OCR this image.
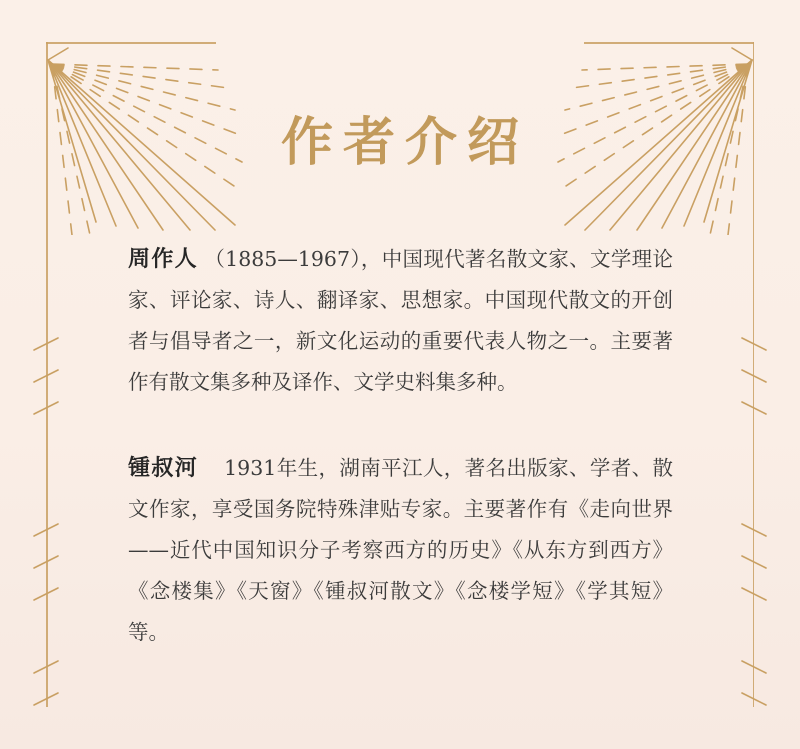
作者介绍

周作人 （1885—1967），中国现代著名散文家、文学理论家、评论家、诗人、翻译家、思想家。中国现代散文的开创者与倡导者之一，新文化运动的重要代表人物之一。主要著作有散文集多种及译作、文学史料集多种。

锺叔河 1931年生，湖南平江人，著名出版家、学者、散文作家，享受国务院特殊津贴专家。主要著作有《走向世界——近代中国知识分子考察西方的历史》《从东方到西方》《念楼集》《天窗》《锺叔河散文》《念楼学短》《学其短》等。
